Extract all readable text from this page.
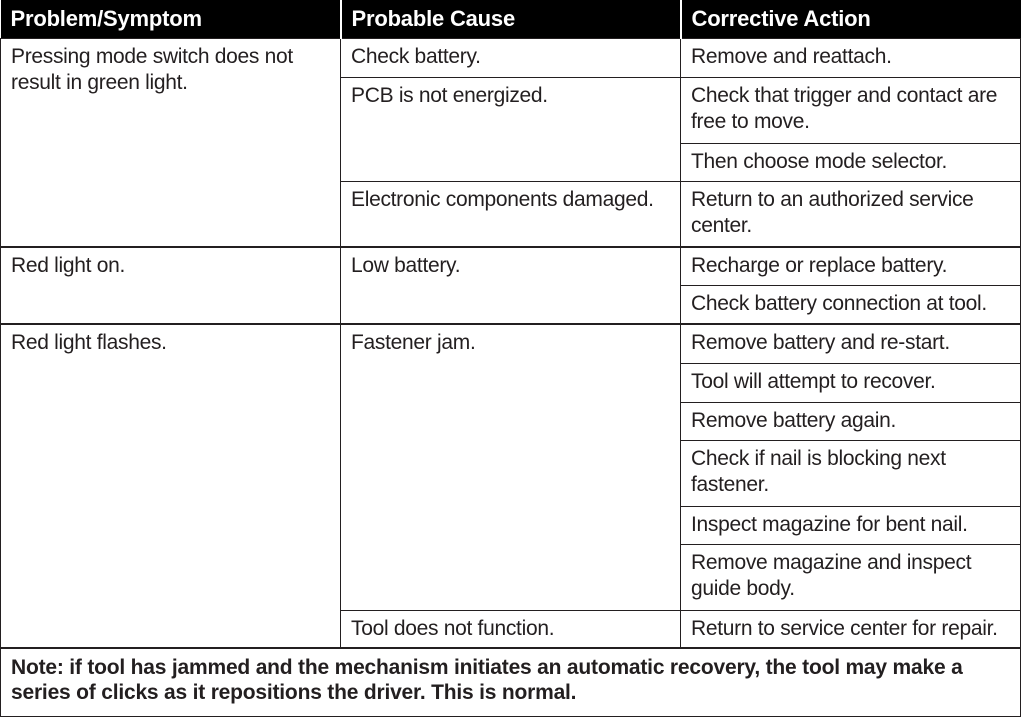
Problem/Symptom	Probable Cause	Corrective Action
Pressing mode switch does not result in green light.	Check battery.	Remove and reattach.
	PCB is not energized.	Check that trigger and contact are free to move.
		Then choose mode selector.
	Electronic components damaged.	Return to an authorized service center.
Red light on.	Low battery.	Recharge or replace battery.
		Check battery connection at tool.
Red light flashes.	Fastener jam.	Remove battery and re-start.
		Tool will attempt to recover.
		Remove battery again.
		Check if nail is blocking next fastener.
		Inspect magazine for bent nail.
		Remove magazine and inspect guide body.
	Tool does not function.	Return to service center for repair.
Note: if tool has jammed and the mechanism initiates an automatic recovery, the tool may make a series of clicks as it repositions the driver. This is normal.		
